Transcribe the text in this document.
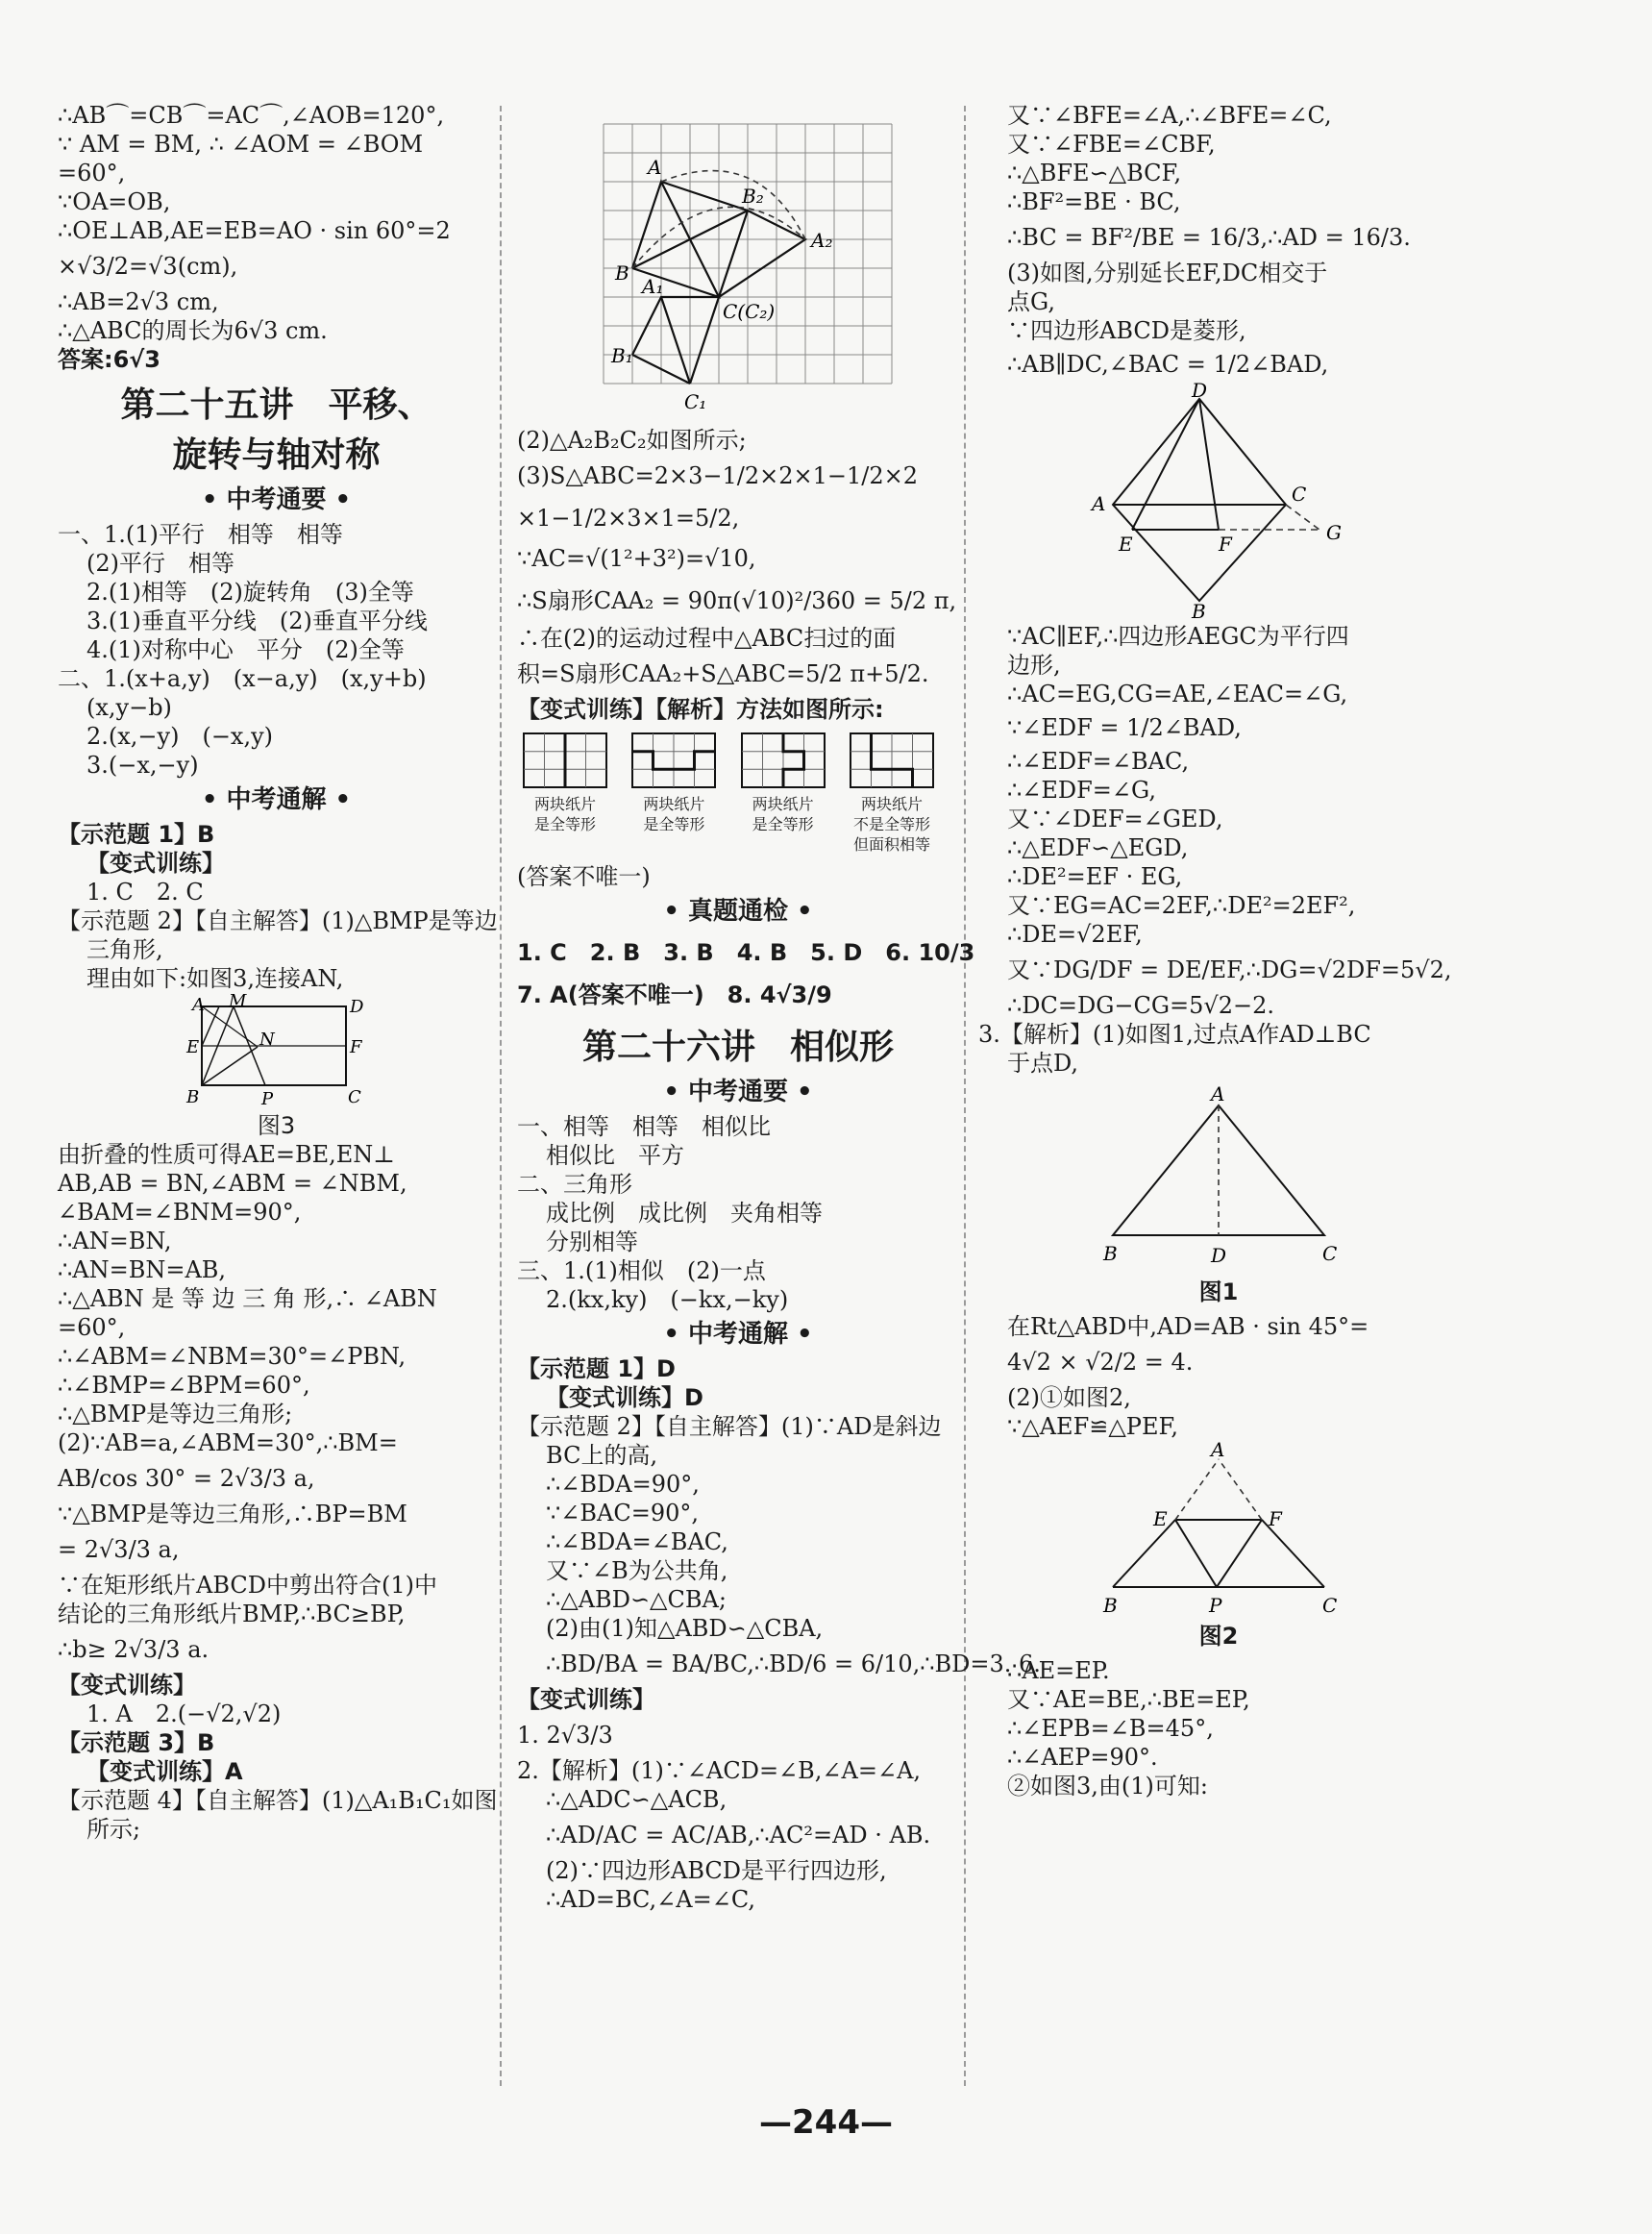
∴AB⌒=CB⌒=AC⌒,∠AOB=120°,
∵ AM = BM, ∴ ∠AOM = ∠BOM
=60°,
∵OA=OB,
∴OE⊥AB,AE=EB=AO · sin 60°=2
×√3/2=√3(cm),
∴AB=2√3 cm,
∴△ABC的周长为6√3 cm.
答案:6√3
第二十五讲　平移、
旋转与轴对称
• 中考通要 •
一、1.(1)平行　相等　相等
(2)平行　相等
2.(1)相等　(2)旋转角　(3)全等
3.(1)垂直平分线　(2)垂直平分线
4.(1)对称中心　平分　(2)全等
二、1.(x+a,y)　(x−a,y)　(x,y+b)
(x,y−b)
2.(x,−y)　(−x,y)
3.(−x,−y)
• 中考通解 •
【示范题 1】B
【变式训练】
1. C　2. C
【示范题 2】【自主解答】(1)△BMP是等边
三角形,
理由如下:如图3,连接AN,
A M	D
E	N	F
B	P	C
图3
由折叠的性质可得AE=BE,EN⊥
AB,AB = BN,∠ABM = ∠NBM,
∠BAM=∠BNM=90°,
∴AN=BN,
∴AN=BN=AB,
∴△ABN 是 等 边 三 角 形,∴ ∠ABN
=60°,
∴∠ABM=∠NBM=30°=∠PBN,
∴∠BMP=∠BPM=60°,
∴△BMP是等边三角形;
(2)∵AB=a,∠ABM=30°,∴BM=
AB/cos 30° = 2√3/3 a,
∵△BMP是等边三角形,∴BP=BM
= 2√3/3 a,
∵在矩形纸片ABCD中剪出符合(1)中
结论的三角形纸片BMP,∴BC≥BP,
∴b≥ 2√3/3 a.
【变式训练】
1. A　2.(−√2,√2)
【示范题 3】B
【变式训练】A
【示范题 4】【自主解答】(1)△A₁B₁C₁如图
所示;
A
B₂
B
A₂
A₁
C(C₂)
B₁
C₁
(2)△A₂B₂C₂如图所示;
(3)S△ABC=2×3−1/2×2×1−1/2×2
×1−1/2×3×1=5/2,
∵AC=√(1²+3²)=√10,
∴S扇形CAA₂ = 90π(√10)²/360 = 5/2 π,
∴在(2)的运动过程中△ABC扫过的面
积=S扇形CAA₂+S△ABC=5/2 π+5/2.
【变式训练】【解析】方法如图所示:
两块纸片
是全等形
两块纸片
是全等形
两块纸片
是全等形
两块纸片
不是全等形
但面积相等
(答案不唯一)
• 真题通检 •
1. C　2. B　3. B　4. B　5. D　6. 10/3
7. A(答案不唯一)　8. 4√3/9
第二十六讲　相似形
• 中考通要 •
一、相等　相等　相似比
相似比　平方
二、三角形
成比例　成比例　夹角相等
分别相等
三、1.(1)相似　(2)一点
2.(kx,ky)　(−kx,−ky)
• 中考通解 •
【示范题 1】D
【变式训练】D
【示范题 2】【自主解答】(1)∵AD是斜边
BC上的高,
∴∠BDA=90°,
∵∠BAC=90°,
∴∠BDA=∠BAC,
又∵∠B为公共角,
∴△ABD∽△CBA;
(2)由(1)知△ABD∽△CBA,
∴BD/BA = BA/BC,∴BD/6 = 6/10,∴BD=3. 6.
【变式训练】
1. 2√3/3
2.【解析】(1)∵∠ACD=∠B,∠A=∠A,
∴△ADC∽△ACB,
∴AD/AC = AC/AB,∴AC²=AD · AB.
(2)∵四边形ABCD是平行四边形,
∴AD=BC,∠A=∠C,
又∵∠BFE=∠A,∴∠BFE=∠C,
又∵∠FBE=∠CBF,
∴△BFE∽△BCF,
∴BF²=BE · BC,
∴BC = BF²/BE = 16/3,∴AD = 16/3.
(3)如图,分别延长EF,DC相交于
点G,
∵四边形ABCD是菱形,
∴AB∥DC,∠BAC = 1/2∠BAD,
D
A	C
G
E	F
B
∵AC∥EF,∴四边形AEGC为平行四
边形,
∴AC=EG,CG=AE,∠EAC=∠G,
∵∠EDF = 1/2∠BAD,
∴∠EDF=∠BAC,
∴∠EDF=∠G,
又∵∠DEF=∠GED,
∴△EDF∽△EGD,
∴DE²=EF · EG,
又∵EG=AC=2EF,∴DE²=2EF²,
∴DE=√2EF,
又∵DG/DF = DE/EF,∴DG=√2DF=5√2,
∴DC=DG−CG=5√2−2.
3.【解析】(1)如图1,过点A作AD⊥BC
于点D,
A
B	D	C
图1
在Rt△ABD中,AD=AB · sin 45°=
4√2 × √2/2 = 4.
(2)①如图2,
∵△AEF≌△PEF,
A
E	F
B	P	C
图2
∴AE=EP.
又∵AE=BE,∴BE=EP,
∴∠EPB=∠B=45°,
∴∠AEP=90°.
②如图3,由(1)可知:
—244—
